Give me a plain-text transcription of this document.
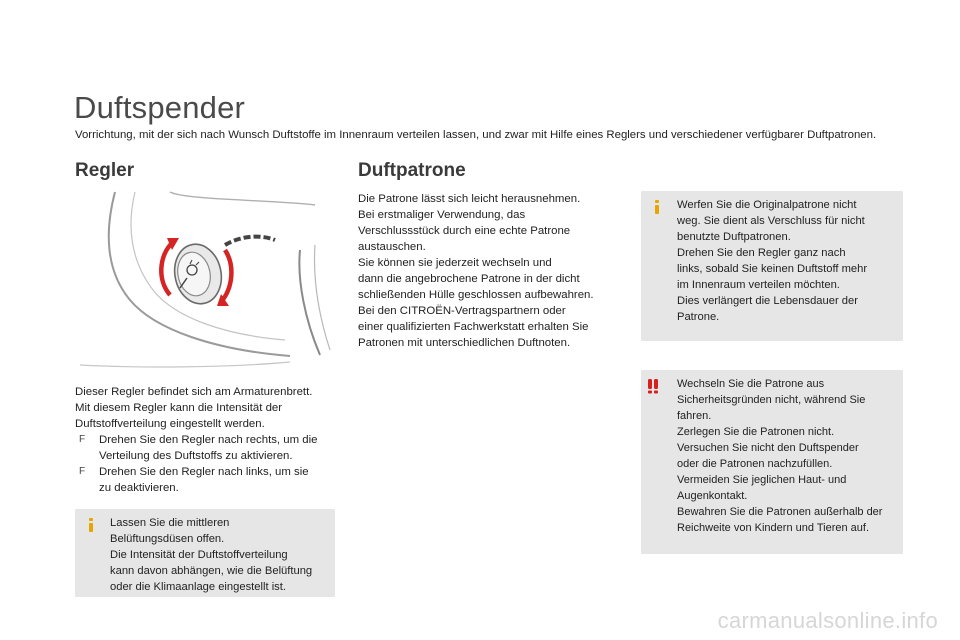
Duftspender

Vorrichtung, mit der sich nach Wunsch Duftstoffe im Innenraum verteilen lassen, und zwar mit Hilfe eines Reglers und verschiedener verfügbarer Duftpatronen.

Regler	Duftpatrone
Dieser Regler befindet sich am Armaturenbrett.
Mit diesem Regler kann die Intensität der
Duftstoffverteilung eingestellt werden.
F Drehen Sie den Regler nach rechts, um die
Verteilung des Duftstoffs zu aktivieren.
F Drehen Sie den Regler nach links, um sie
zu deaktivieren.
Lassen Sie die mittleren
Belüftungsdüsen offen.
Die Intensität der Duftstoffverteilung
kann davon abhängen, wie die Belüftung
oder die Klimaanlage eingestellt ist.
Die Patrone lässt sich leicht herausnehmen.
Bei erstmaliger Verwendung, das
Verschlussstück durch eine echte Patrone
austauschen.
Sie können sie jederzeit wechseln und
dann die angebrochene Patrone in der dicht
schließenden Hülle geschlossen aufbewahren.
Bei den CITROËN-Vertragspartnern oder
einer qualifizierten Fachwerkstatt erhalten Sie
Patronen mit unterschiedlichen Duftnoten.
Werfen Sie die Originalpatrone nicht
weg. Sie dient als Verschluss für nicht
benutzte Duftpatronen.
Drehen Sie den Regler ganz nach
links, sobald Sie keinen Duftstoff mehr
im Innenraum verteilen möchten.
Dies verlängert die Lebensdauer der
Patrone.
Wechseln Sie die Patrone aus
Sicherheitsgründen nicht, während Sie
fahren.
Zerlegen Sie die Patronen nicht.
Versuchen Sie nicht den Duftspender
oder die Patronen nachzufüllen.
Vermeiden Sie jeglichen Haut- und
Augenkontakt.
Bewahren Sie die Patronen außerhalb der
Reichweite von Kindern und Tieren auf.
carmanualsonline.info
